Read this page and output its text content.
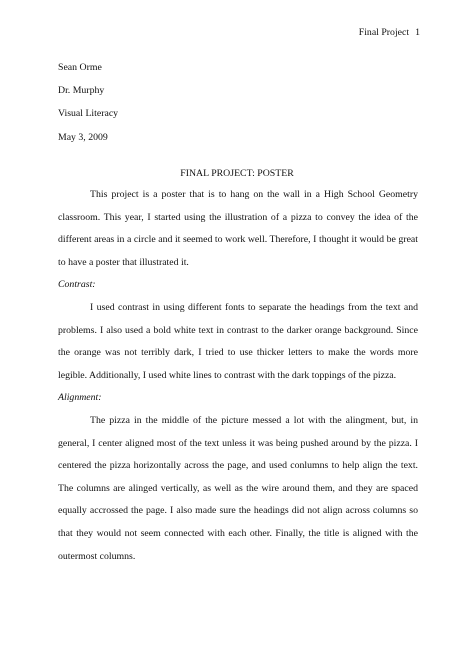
Final Project 1
Sean Orme
Dr. Murphy
Visual Literacy
May 3, 2009
FINAL PROJECT: POSTER

This project is a poster that is to hang on the wall in a High School Geometry classroom. This year, I started using the illustration of a pizza to convey the idea of the different areas in a circle and it seemed to work well. Therefore, I thought it would be great to have a poster that illustrated it.

Contrast:

I used contrast in using different fonts to separate the headings from the text and problems. I also used a bold white text in contrast to the darker orange background. Since the orange was not terribly dark, I tried to use thicker letters to make the words more legible. Additionally, I used white lines to contrast with the dark toppings of the pizza.

Alignment:

The pizza in the middle of the picture messed a lot with the alingment, but, in general, I center aligned most of the text unless it was being pushed around by the pizza. I centered the pizza horizontally across the page, and used conlumns to help align the text. The columns are alinged vertically, as well as the wire around them, and they are spaced equally accrossed the page. I also made sure the headings did not align across columns so that they would not seem connected with each other. Finally, the title is aligned with the outermost columns.
